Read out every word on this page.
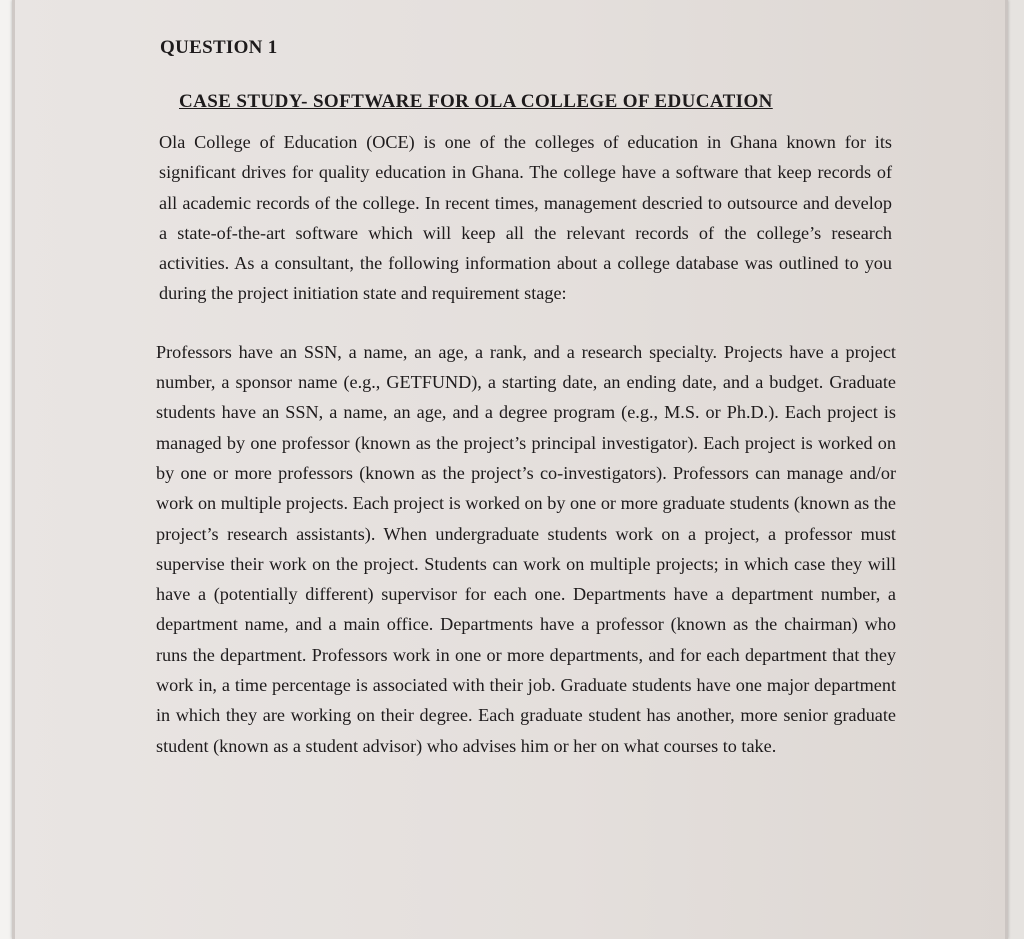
QUESTION 1
CASE STUDY- SOFTWARE FOR OLA COLLEGE OF EDUCATION

Ola College of Education (OCE) is one of the colleges of education in Ghana known for its significant drives for quality education in Ghana. The college have a software that keep records of all academic records of the college. In recent times, management descried to outsource and develop a state-of-the-art software which will keep all the relevant records of the college’s research activities. As a consultant, the following information about a college database was outlined to you during the project initiation state and requirement stage:

Professors have an SSN, a name, an age, a rank, and a research specialty. Projects have a project number, a sponsor name (e.g., GETFUND), a starting date, an ending date, and a budget. Graduate students have an SSN, a name, an age, and a degree program (e.g., M.S. or Ph.D.). Each project is managed by one professor (known as the project’s principal investigator). Each project is worked on by one or more professors (known as the project’s co-investigators). Professors can manage and/or work on multiple projects. Each project is worked on by one or more graduate students (known as the project’s research assistants). When undergraduate students work on a project, a professor must supervise their work on the project. Students can work on multiple projects; in which case they will have a (potentially different) supervisor for each one. Departments have a department number, a department name, and a main office. Departments have a professor (known as the chairman) who runs the department. Professors work in one or more departments, and for each department that they work in, a time percentage is associated with their job. Graduate students have one major department in which they are working on their degree. Each graduate student has another, more senior graduate student (known as a student advisor) who advises him or her on what courses to take.
